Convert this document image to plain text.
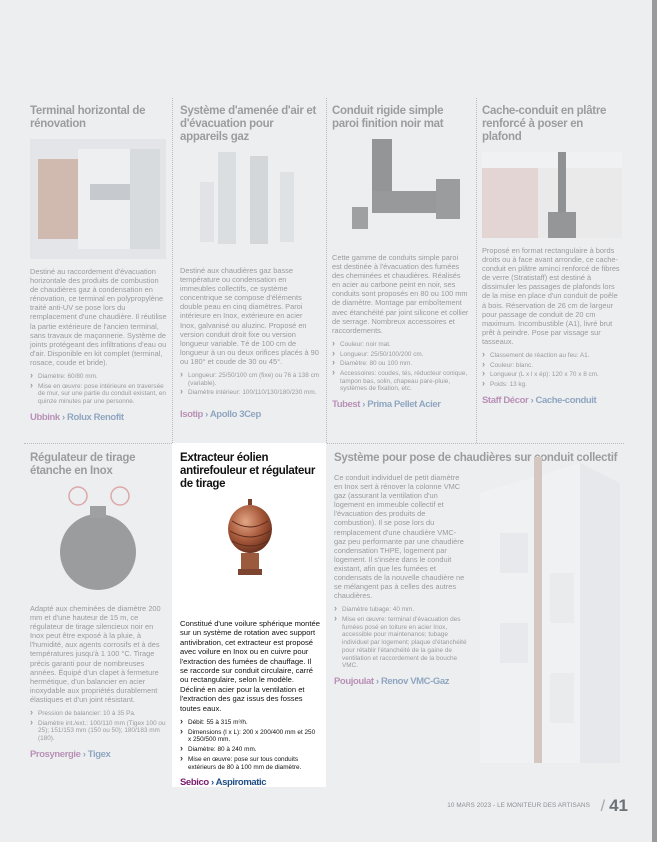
Terminal horizontal de rénovation

Destiné au raccordement d'évacuation horizontale des produits de combustion de chaudières gaz à condensation en rénovation, ce terminal en polypropylène traité anti-UV se pose lors du remplacement d'une chaudière. Il réutilise la partie extérieure de l'ancien terminal, sans travaux de maçonnerie. Système de joints protégeant des infiltrations d'eau ou d'air. Disponible en kit complet (terminal, rosace, coude et bride).

› Diamètre: 60/80 mm.
› Mise en œuvre: pose intérieure en traversée de mur, sur une partie du conduit existant, en quinze minutes par une personne.
Ubbink › Rolux Renofit
Système d'amenée d'air et d'évacuation pour appareils gaz

Destiné aux chaudières gaz basse température ou condensation en immeubles collectifs, ce système concentrique se compose d'éléments double peau en cinq diamètres. Paroi intérieure en Inox, extérieure en acier Inox, galvanisé ou aluzinc. Proposé en version conduit droit fixe ou version longueur variable. Té de 100 cm de longueur à un ou deux orifices placés à 90 ou 180° et coude de 30 ou 45°.

› Longueur: 25/50/100 cm (fixe) ou 76 à 138 cm (variable).
› Diamètre intérieur: 100/110/130/180/230 mm.
Isotip › Apollo 3Cep
Conduit rigide simple paroi finition noir mat

Cette gamme de conduits simple paroi est destinée à l'évacuation des fumées des cheminées et chaudières. Réalisés en acier au carbone peint en noir, ses conduits sont proposés en 80 ou 100 mm de diamètre. Montage par emboîtement avec étanchéité par joint silicone et collier de serrage. Nombreux accessoires et raccordements.

› Couleur: noir mat.
› Longueur: 25/50/100/200 cm.
› Diamètre: 80 ou 100 mm.
› Accessoires: coudes, tés, réducteur conique, tampon bas, solin, chapeau pare-pluie, systèmes de fixation, etc.
Tubest › Prima Pellet Acier
Cache-conduit en plâtre renforcé à poser en plafond

Proposé en format rectangulaire à bords droits ou à face avant arrondie, ce cache-conduit en plâtre aminci renforcé de fibres de verre (Stratistaff) est destiné à dissimuler les passages de plafonds lors de la mise en place d'un conduit de poêle à bois. Réservation de 26 cm de largeur pour passage de conduit de 20 cm maximum. Incombustible (A1), livré brut prêt à peindre. Pose par vissage sur tasseaux.

› Classement de réaction au feu: A1.
› Couleur: blanc.
› Longueur (L x l x ép): 120 x 70 x 8 cm.
› Poids: 13 kg.
Staff Décor › Cache-conduit
Régulateur de tirage étanche en Inox

Adapté aux cheminées de diamètre 200 mm et d'une hauteur de 15 m, ce régulateur de tirage silencieux noir en Inox peut être exposé à la pluie, à l'humidité, aux agents corrosifs et à des températures jusqu'à 1 100 °C. Tirage précis garanti pour de nombreuses années. Équipé d'un clapet à fermeture hermétique, d'un balancier en acier inoxydable aux propriétés durablement élastiques et d'un joint résistant.

› Pression de balancier: 10 à 35 Pa.
› Diamètre int./ext.: 100/110 mm (Tigex 100 ou 25); 151/153 mm (150 ou 50); 180/183 mm (180).
Prosynergie › Tigex
Extracteur éolien antirefouleur et régulateur de tirage

Constitué d'une voilure sphérique montée sur un système de rotation avec support antivibration, cet extracteur est proposé avec voilure en Inox ou en cuivre pour l'extraction des fumées de chauffage. Il se raccorde sur conduit circulaire, carré ou rectangulaire, selon le modèle. Décliné en acier pour la ventilation et l'extraction des gaz issus des fosses toutes eaux.

› Débit: 55 à 315 m³/h.
› Dimensions (l x L): 200 x 200/400 mm et 250 x 250/500 mm.
› Diamètre: 80 à 240 mm.
› Mise en œuvre: pose sur tous conduits extérieurs de 80 à 100 mm de diamètre.
Sebico › Aspiromatic
Système pour pose de chaudières sur conduit collectif

Ce conduit individuel de petit diamètre en Inox sert à rénover la colonne VMC gaz (assurant la ventilation d'un logement en immeuble collectif et l'évacuation des produits de combustion). Il se pose lors du remplacement d'une chaudière VMC-gaz peu performante par une chaudière condensation THPE, logement par logement. Il s'insère dans le conduit existant, afin que les fumées et condensats de la nouvelle chaudière ne se mélangent pas à celles des autres chaudières.

› Diamètre tubage: 40 mm.
› Mise en œuvre: terminal d'évacuation des fumées posé en toiture en acier Inox, accessible pour maintenance; tubage individuel par logement; plaque d'étanchéité pour rétablir l'étanchéité de la gaine de ventilation et raccordement de la bouche VMC.
Poujoulat › Renov VMC-Gaz
10 MARS 2023 - LE MONITEUR DES ARTISANS / 41
